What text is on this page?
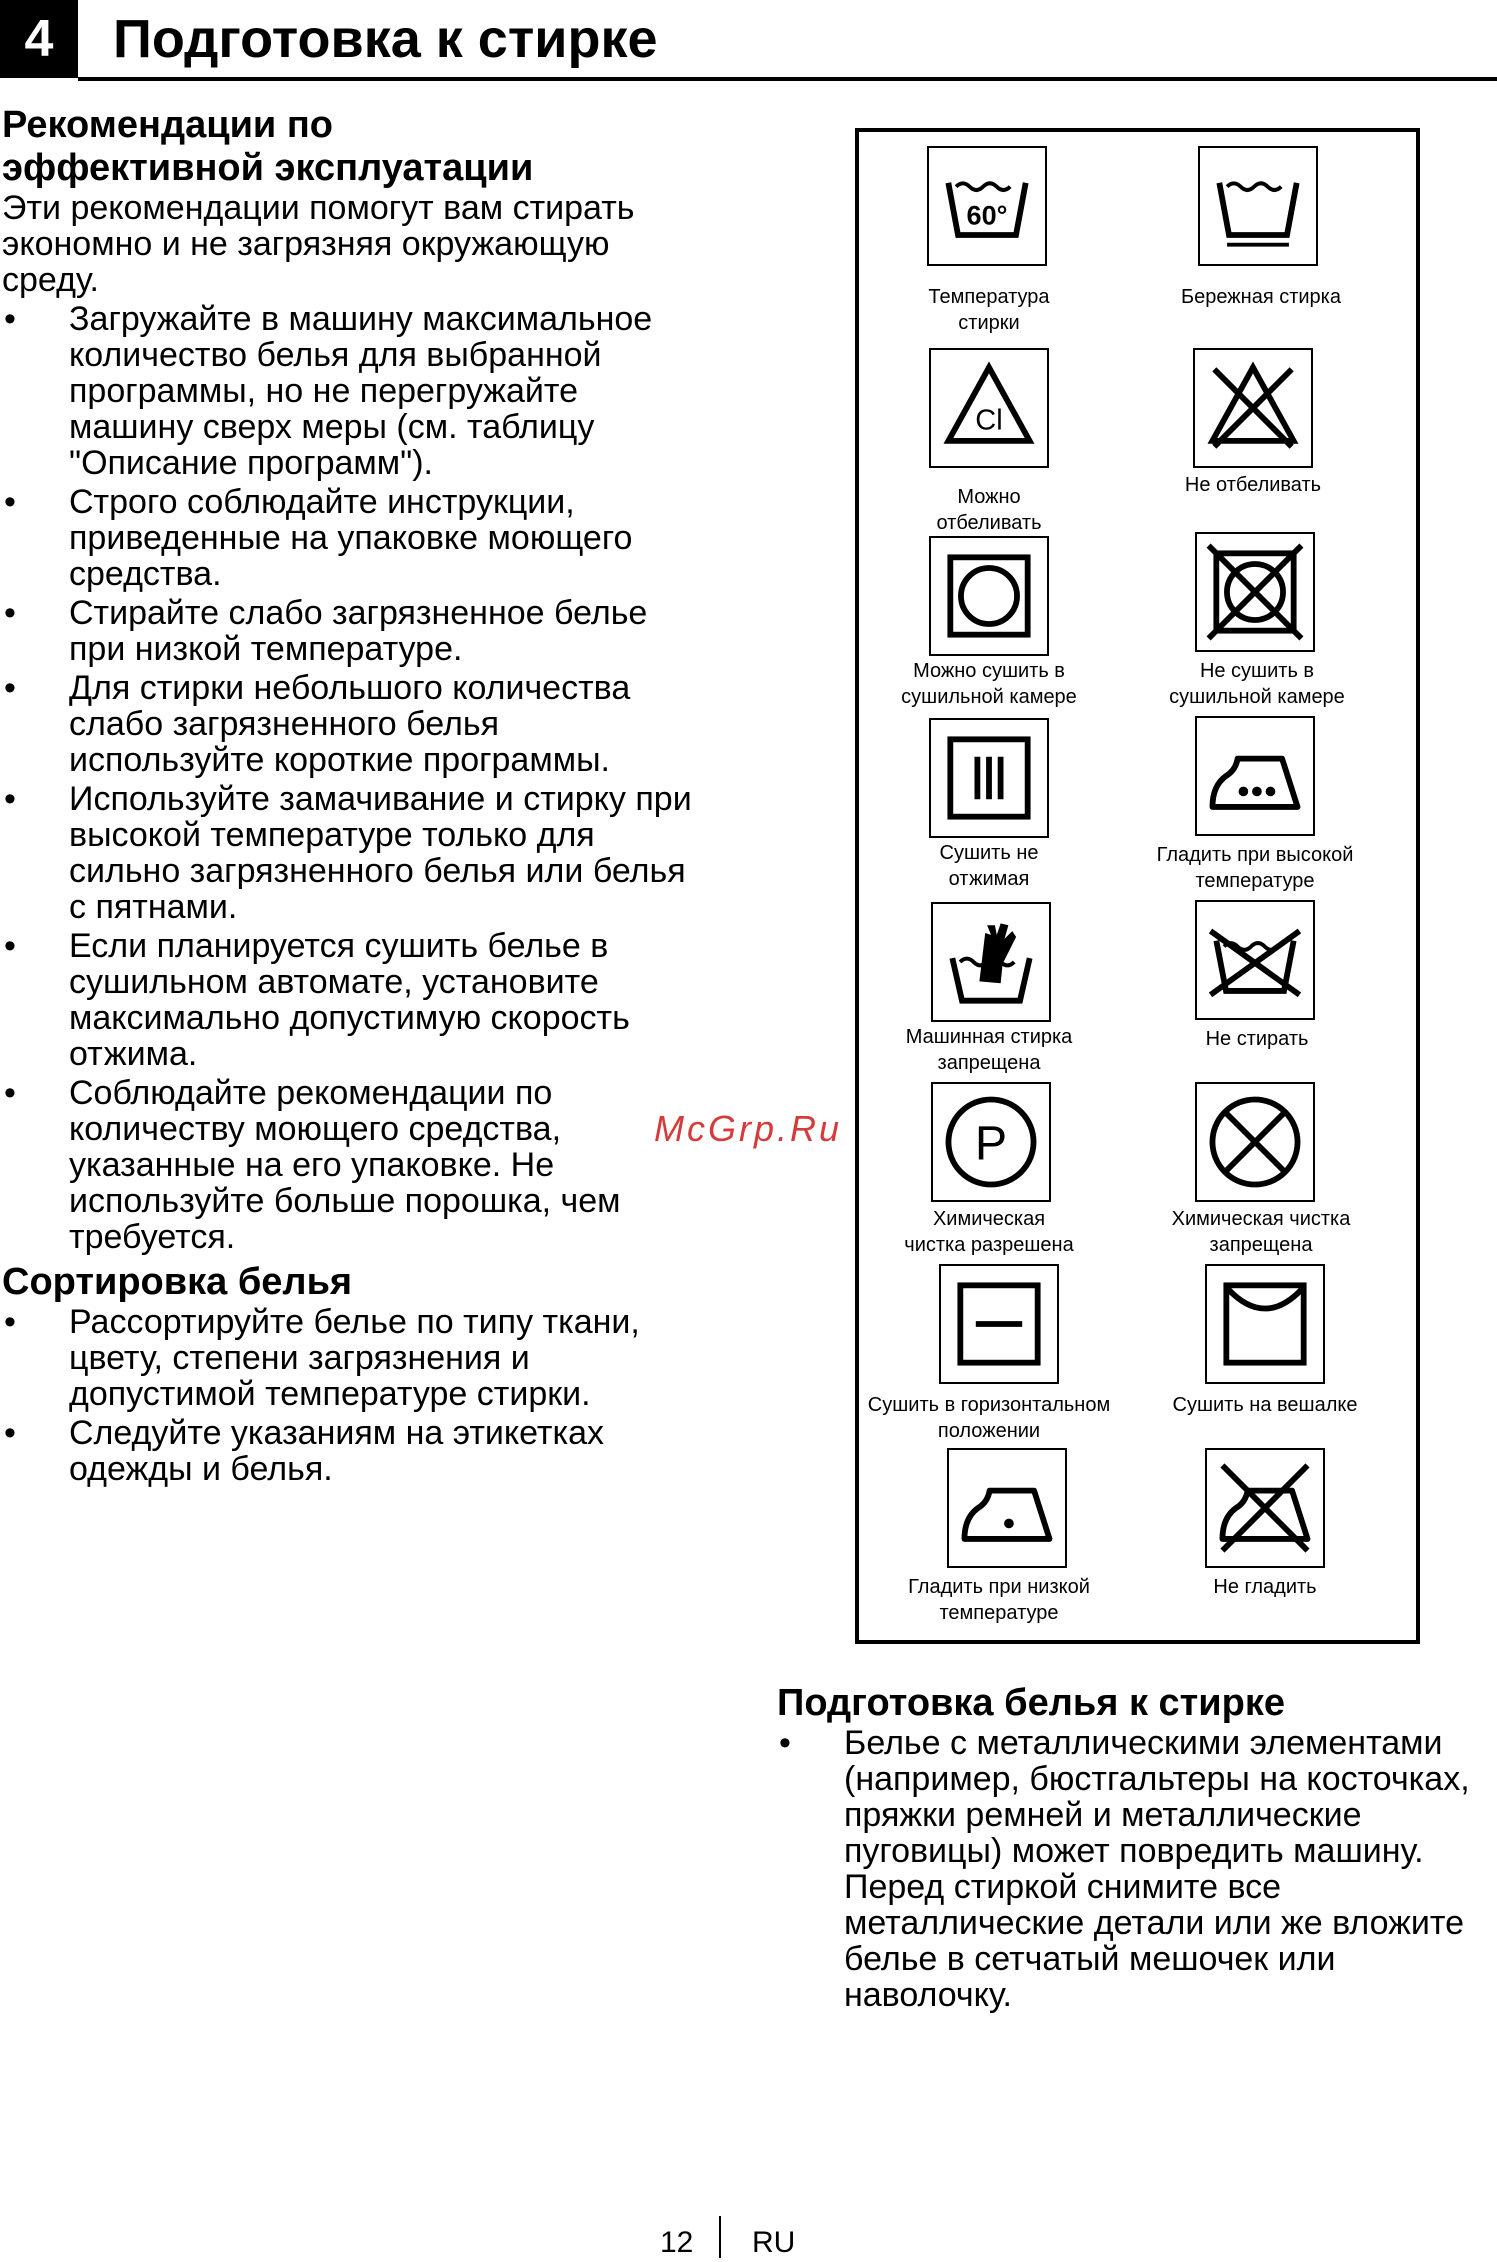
4	Подготовка к стирке
Рекомендации по
эффективной эксплуатации

Эти рекомендации помогут вам стирать экономно и не загрязняя окружающую среду.

• Загружайте в машину максимальное количество белья для выбранной программы, но не перегружайте машину сверх меры (см. таблицу "Описание программ").
• Строго соблюдайте инструкции, приведенные на упаковке моющего средства.
• Стирайте слабо загрязненное белье при низкой температуре.
• Для стирки небольшого количества слабо загрязненного белья используйте короткие программы.
• Используйте замачивание и стирку при высокой температуре только для сильно загрязненного белья или белья с пятнами.
• Если планируется сушить белье в сушильном автомате, установите максимально допустимую скорость отжима.
• Соблюдайте рекомендации по количеству моющего средства, указанные на его упаковке. Не используйте больше порошка, чем требуется.
Сортировка белья
• Рассортируйте белье по типу ткани, цвету, степени загрязнения и допустимой температуре стирки.
• Следуйте указаниям на этикетках одежды и белья.
60°
Температура
стирки
Бережная стирка

Cl
Можно
отбеливать
Не отбеливать

Можно сушить в
сушильной камере
Не сушить в
сушильной камере
Сушить не
отжимая
Гладить при высокой
температуре
Машинная стирка
запрещена
Не стирать

P
Химическая
чистка разрешена
Химическая чистка
запрещена
Сушить в горизонтальном
положении
Сушить на вешалке

Гладить при низкой
температуре
Не гладить

McGrp.Ru
Подготовка белья к стирке
• Белье с металлическими элементами (например, бюстгальтеры на косточках, пряжки ремней и металлические пуговицы) может повредить машину. Перед стиркой снимите все металлические детали или же вложите белье в сетчатый мешочек или наволочку.
12 RU
